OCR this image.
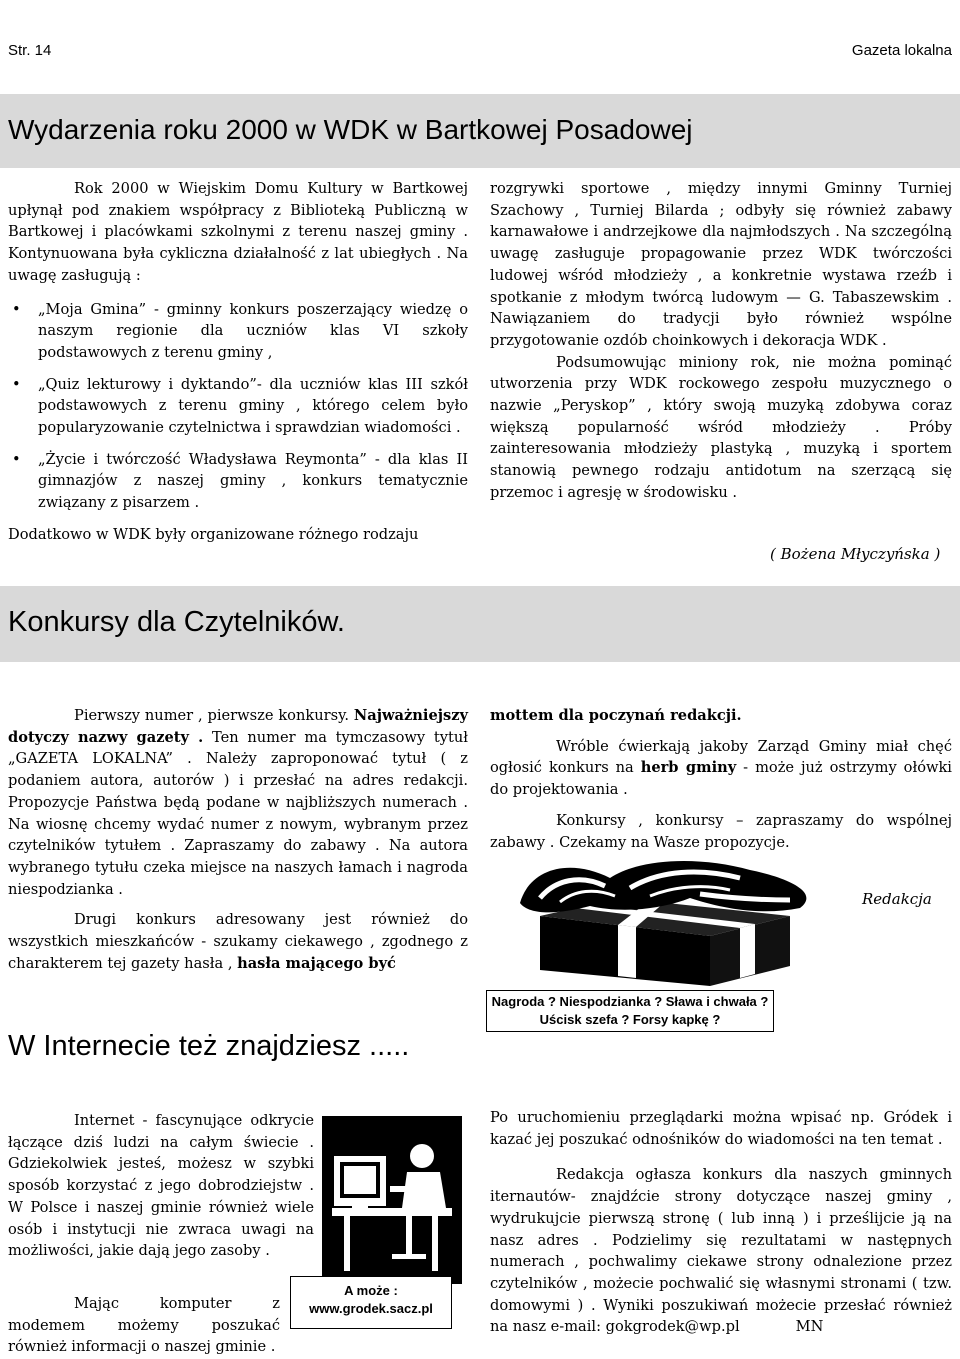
Str. 14	Gazeta lokalna
Wydarzenia roku 2000 w WDK w Bartkowej Posadowej

Rok 2000 w Wiejskim Domu Kultury w Bartkowej upłynął pod znakiem współpracy z Biblioteką Publiczną w Bartkowej i placówkami szkolnymi z terenu naszej gminy . Kontynuowana była cykliczna działalność z lat ubiegłych . Na uwagę zasługują :

• „Moja Gmina” - gminny konkurs poszerzający wiedzę o naszym regionie dla uczniów klas VI szkoły podstawowych z terenu gminy ,
• „Quiz lekturowy i dyktando”- dla uczniów klas III szkół podstawowych z terenu gminy , którego celem było popularyzowanie czytelnictwa i sprawdzian wiadomości .
• „Życie i twórczość Władysława Reymonta” - dla klas II gimnazjów z naszej gminy , konkurs tematycznie związany z pisarzem .

Dodatkowo w WDK były organizowane różnego rodzaju

rozgrywki sportowe , między innymi Gminny Turniej Szachowy , Turniej Bilarda ; odbyły się również zabawy karnawałowe i andrzejkowe dla najmłodszych . Na szczególną uwagę zasługuje propagowanie przez WDK twórczości ludowej wśród młodzieży , a konkretnie wystawa rzeźb i spotkanie z młodym twórcą ludowym — G. Tabaszewskim . Nawiązaniem do tradycji było również wspólne przygotowanie ozdób choinkowych i dekoracja WDK .

Podsumowując miniony rok, nie można pominąć utworzenia przy WDK rockowego zespołu muzycznego o nazwie „Peryskop” , który swoją muzyką zdobywa coraz większą popularność wśród młodzieży . Próby zainteresowania młodzieży plastyką , muzyką i sportem stanowią pewnego rodzaju antidotum na szerzącą się przemoc i agresję w środowisku .

( Bożena Młyczyńska )
Konkursy dla Czytelników.

Pierwszy numer , pierwsze konkursy. Najważniejszy dotyczy nazwy gazety . Ten numer ma tymczasowy tytuł „GAZETA LOKALNA” . Należy zaproponować tytuł ( z podaniem autora, autorów ) i przesłać na adres redakcji. Propozycje Państwa będą podane w najbliższych numerach . Na wiosnę chcemy wydać numer z nowym, wybranym przez czytelników tytułem . Zapraszamy do zabawy . Na autora wybranego tytułu czeka miejsce na naszych łamach i nagroda niespodzianka .

Drugi konkurs adresowany jest również do wszystkich mieszkańców - szukamy ciekawego , zgodnego z charakterem tej gazety hasła , hasła mającego być

mottem dla poczynań redakcji.

Wróble ćwierkają jakoby Zarząd Gminy miał chęć ogłosić konkurs na herb gminy - może już ostrzymy ołówki do projektowania .

Konkursy , konkursy – zapraszamy do wspólnej zabawy . Czekamy na Wasze propozycje.

Redakcja
Nagroda ? Niespodzianka ? Sława i chwała ? Uścisk szefa ? Forsy kapkę ?
W Internecie też znajdziesz .....

Internet - fascynujące odkrycie łączące dziś ludzi na całym świecie . Gdziekolwiek jesteś, możesz w szybki sposób korzystać z jego dobrodziejstw . W Polsce i naszej gminie również wiele osób i instytucji nie zwraca uwagi na możliwości, jakie dają jego zasoby .

Mając komputer z modemem możemy poszukać również informacji o naszej gminie .

A może :
www.grodek.sacz.pl

Po uruchomieniu przeglądarki można wpisać np. Gródek i kazać jej poszukać odnośników do wiadomości na ten temat .

Redakcja ogłasza konkurs dla naszych gminnych iternautów- znajdźcie strony dotyczące naszej gminy , wydrukujcie pierwszą stronę ( lub inną ) i prześlijcie ją na nasz adres . Podzielimy się rezultatami w następnych numerach , pochwalimy ciekawe strony odnalezione przez czytelników , możecie pochwalić się własnymi stronami ( tzw. domowymi ) . Wyniki poszukiwań możecie przesłać również na nasz e-mail: gokgrodek@wp.pl	MN
